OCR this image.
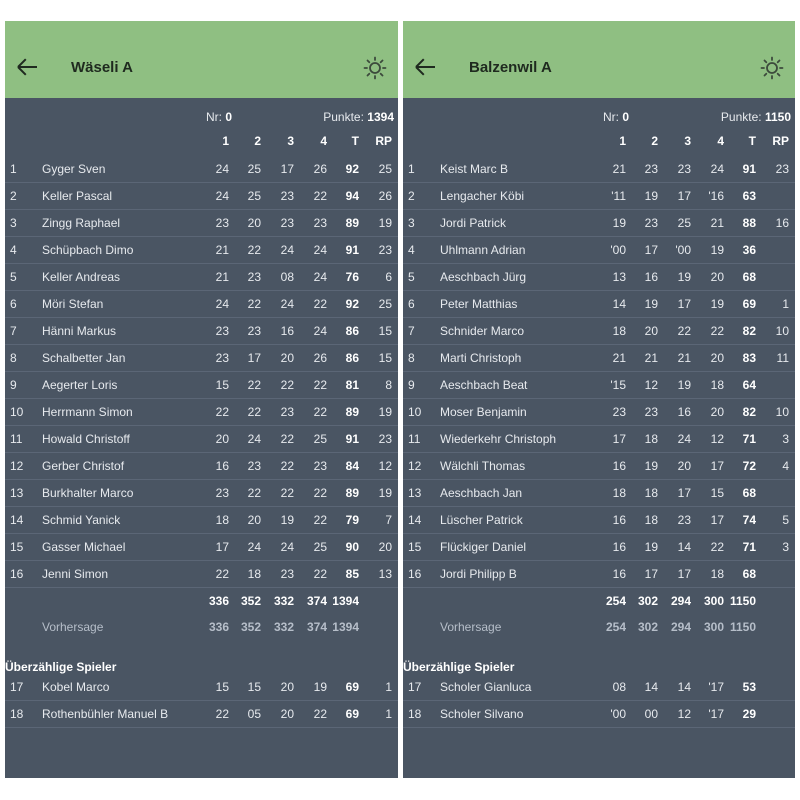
Wäseli A
Nr: 0	Punkte: 1394
1 2 3 4 T RP
1 Gyger Sven	24 25 17 26 92 25
2 Keller Pascal	24 25 23 22 94 26
3 Zingg Raphael	23 20 23 23 89 19
4 Schüpbach Dimo	21 22 24 24 91 23
5 Keller Andreas	21 23 08 24 76 6
6 Möri Stefan	24 22 24 22 92 25
7 Hänni Markus	23 23 16 24 86 15
8 Schalbetter Jan	23 17 20 26 86 15
9 Aegerter Loris	15 22 22 22 81 8
10 Herrmann Simon	22 22 23 22 89 19
11 Howald Christoff	20 24 22 25 91 23
12 Gerber Christof	16 23 22 23 84 12
13 Burkhalter Marco	23 22 22 22 89 19
14 Schmid Yanick	18 20 19 22 79 7
15 Gasser Michael	17 24 24 25 90 20
16 Jenni Simon	22 18 23 22 85 13
336 352 332 374 1394
Vorhersage	336 352 332 374 1394
Überzählige Spieler
17 Kobel Marco	15 15 20 19 69 1
18 Rothenbühler Manuel B	22 05 20 22 69 1
Balzenwil A
Nr: 0	Punkte: 1150
1 2 3 4 T RP
1 Keist Marc B	21 23 23 24 91 23
2 Lengacher Köbi	'11 19 17 '16 63
3 Jordi Patrick	19 23 25 21 88 16
4 Uhlmann Adrian	'00 17 '00 19 36
5 Aeschbach Jürg	13 16 19 20 68
6 Peter Matthias	14 19 17 19 69 1
7 Schnider Marco	18 20 22 22 82 10
8 Marti Christoph	21 21 21 20 83 11
9 Aeschbach Beat	'15 12 19 18 64
10 Moser Benjamin	23 23 16 20 82 10
11 Wiederkehr Christoph	17 18 24 12 71 3
12 Wälchli Thomas	16 19 20 17 72 4
13 Aeschbach Jan	18 18 17 15 68
14 Lüscher Patrick	16 18 23 17 74 5
15 Flückiger Daniel	16 19 14 22 71 3
16 Jordi Philipp B	16 17 17 18 68
254 302 294 300 1150
Vorhersage	254 302 294 300 1150
Überzählige Spieler
17 Scholer Gianluca	08 14 14 '17 53
18 Scholer Silvano	'00 00 12 '17 29
